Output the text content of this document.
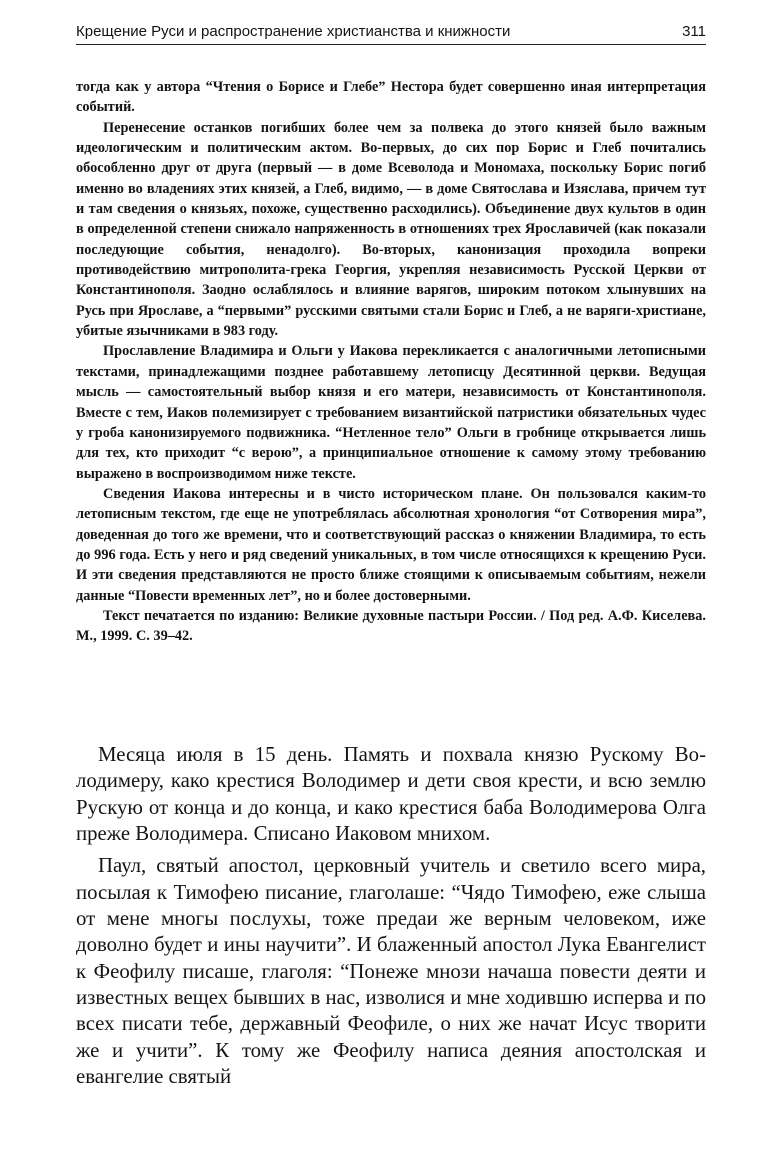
Крещение Руси и распространение христианства и книжности	311

тогда как у автора “Чтения о Борисе и Глебе” Нестора будет совершенно иная интерпретация событий.

Перенесение останков погибших более чем за полвека до этого князей было важным идеологическим и политическим актом. Во-первых, до сих пор Борис и Глеб почитались обособленно друг от друга (первый — в доме Всеволода и Мономаха, поскольку Борис погиб именно во владениях этих князей, а Глеб, видимо, — в доме Святослава и Изяслава, причем тут и там сведения о князьях, похоже, существенно расходились). Объединение двух культов в один в определенной степени снижало напряженность в отношениях трех Ярославичей (как показали последующие события, ненадолго). Во-вторых, канонизация проходила вопреки противодействию митрополита-грека Георгия, укрепляя независимость Русской Церкви от Константинополя. Заодно ослаблялось и влияние варягов, широким потоком хлынувших на Русь при Ярославе, а “первыми” русскими святыми стали Борис и Глеб, а не варяги-христиане, убитые язычниками в 983 году.

Прославление Владимира и Ольги у Иакова перекликается с аналогичными летописными текстами, принадлежащими позднее работавшему летописцу Десятинной церкви. Ведущая мысль — самостоятельный выбор князя и его матери, независимость от Константинополя. Вместе с тем, Иаков полемизирует с требованием византийской патристики обязательных чудес у гроба канонизируемого подвижника. “Нетленное тело” Ольги в гробнице открывается лишь для тех, кто приходит “с верою”, а принципиальное отношение к самому этому требованию выражено в воспроизводимом ниже тексте.

Сведения Иакова интересны и в чисто историческом плане. Он пользовался каким-то летописным текстом, где еще не употреблялась абсолютная хронология “от Сотворения мира”, доведенная до того же времени, что и соответствующий рассказ о княжении Владимира, то есть до 996 года. Есть у него и ряд сведений уникальных, в том числе относящихся к крещению Руси. И эти сведения представляются не просто ближе стоящими к описываемым событиям, нежели данные “Повести временных лет”, но и более достоверными.

Текст печатается по изданию: Великие духовные пастыри России. / Под ред. А.Ф. Киселева. М., 1999. С. 39–42.

Месяца июля в 15 день. Память и похвала князю Рускому Володимеру, како крестися Володимер и дети своя крести, и всю землю Рускую от конца и до конца, и како крестися баба Володимерова Олга преже Володимера. Списано Иаковом мнихом.

Паул, святый апостол, церковный учитель и светило всего мира, посылая к Тимофею писание, глаголаше: “Чядо Тимофею, еже слыша от мене многы послухы, тоже предаи же верным человеком, иже доволно будет и ины научити”. И блаженный апостол Лука Евангелист к Феофилу писаше, глаголя: “Понеже мнози начаша повести деяти и известных вещех бывших в нас, изволися и мне ходившю исперва и по всех писати тебе, державный Феофиле, о них же начат Исус творити же и учити”. К тому же Феофилу написа деяния апостолская и евангелие святый
